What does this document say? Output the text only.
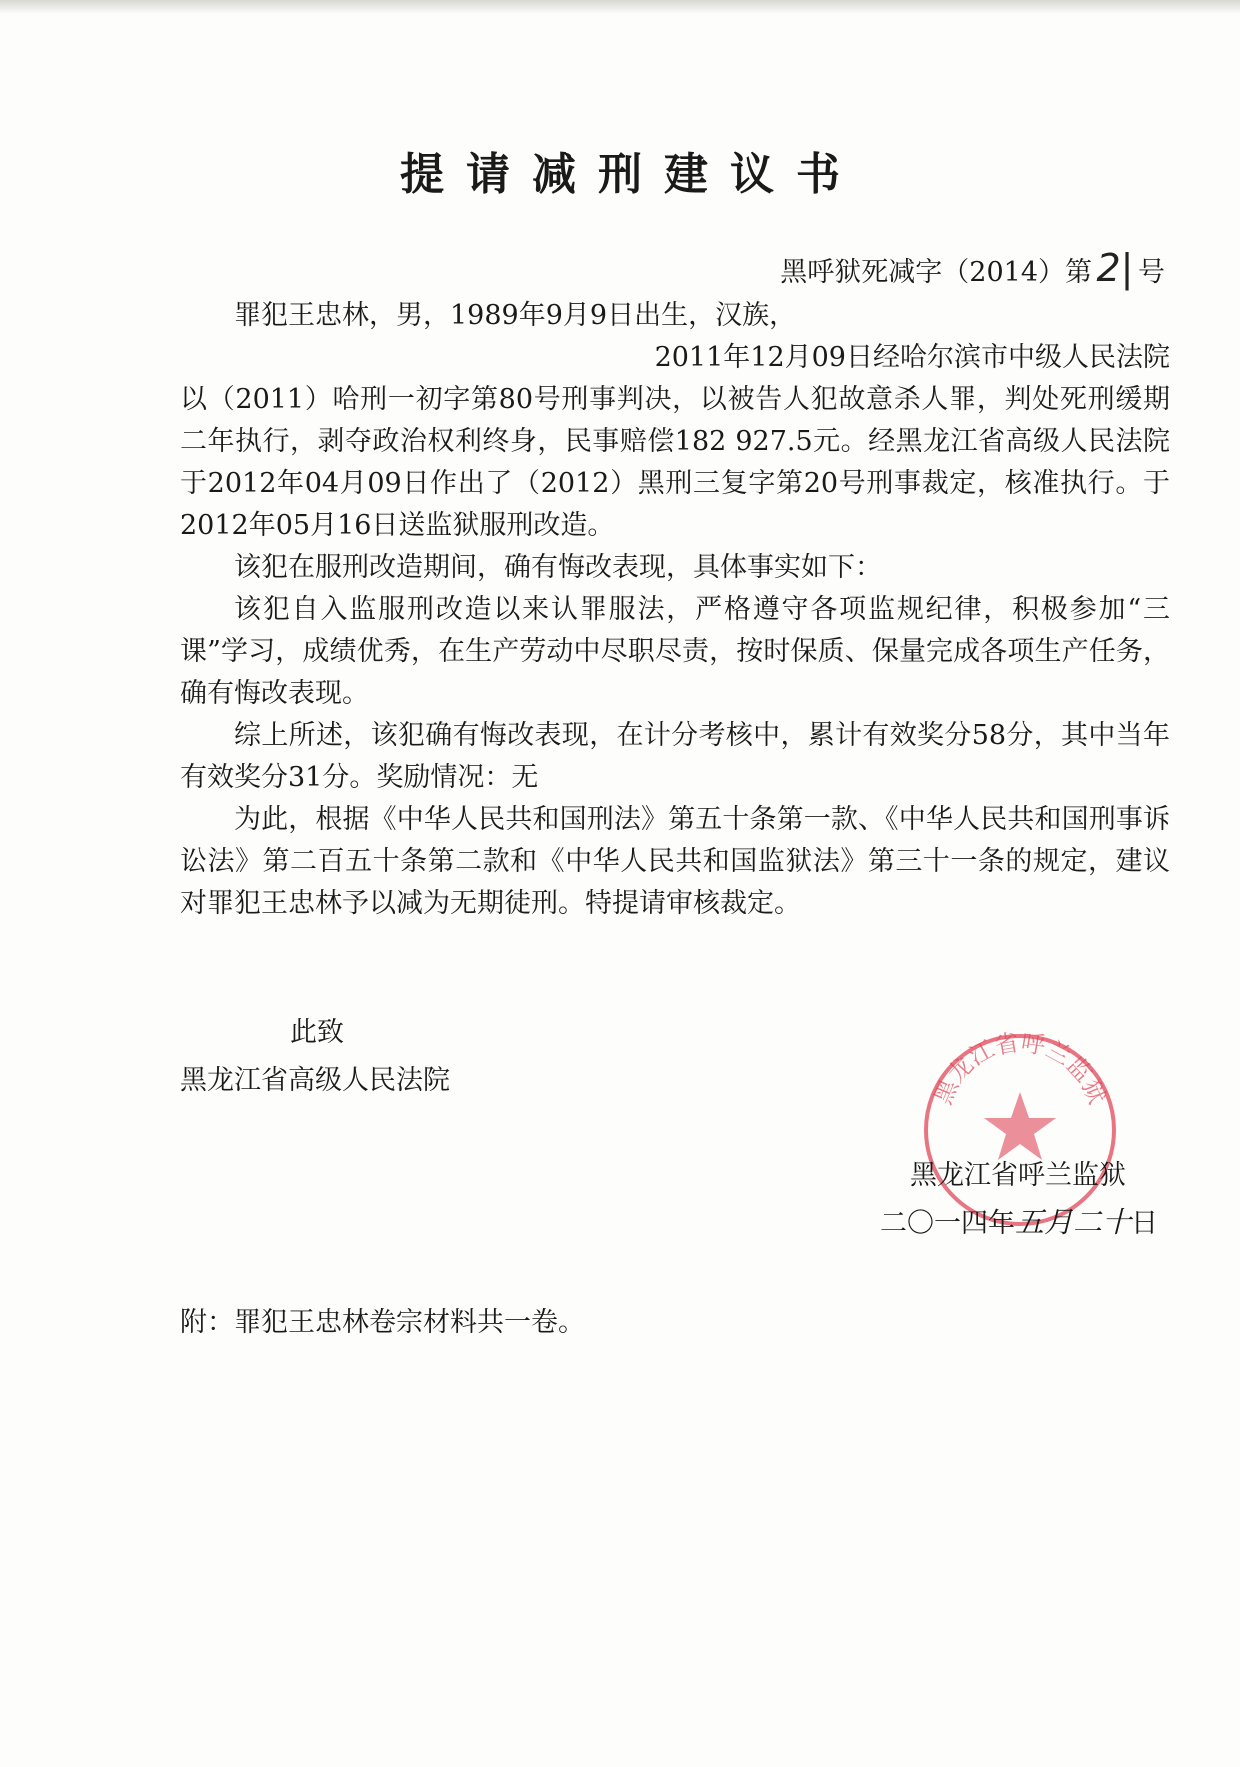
提请减刑建议书
黑呼狱死减字（2014）第 2| 号

罪犯王忠林，男，1989年9月9日出生，汉族，

2011年12月09日经哈尔滨市中级人民法院

以（2011）哈刑一初字第80号刑事判决，以被告人犯故意杀人罪，判处死刑缓期二年执行，剥夺政治权利终身，民事赔偿182 927.5元。经黑龙江省高级人民法院于2012年04月09日作出了（2012）黑刑三复字第20号刑事裁定，核准执行。于2012年05月16日送监狱服刑改造。

该犯在服刑改造期间，确有悔改表现，具体事实如下：

该犯自入监服刑改造以来认罪服法，严格遵守各项监规纪律，积极参加“三课”学习，成绩优秀，在生产劳动中尽职尽责，按时保质、保量完成各项生产任务，确有悔改表现。

综上所述，该犯确有悔改表现，在计分考核中，累计有效奖分58分，其中当年有效奖分31分。奖励情况：无

为此，根据《中华人民共和国刑法》第五十条第一款、《中华人民共和国刑事诉讼法》第二百五十条第二款和《中华人民共和国监狱法》第三十一条的规定，建议对罪犯王忠林予以减为无期徒刑。特提请审核裁定。

此致
黑龙江省高级人民法院	黑龙江省呼兰监狱
黑龙江省呼兰监狱
二〇一四年五月二十日
附：罪犯王忠林卷宗材料共一卷。
